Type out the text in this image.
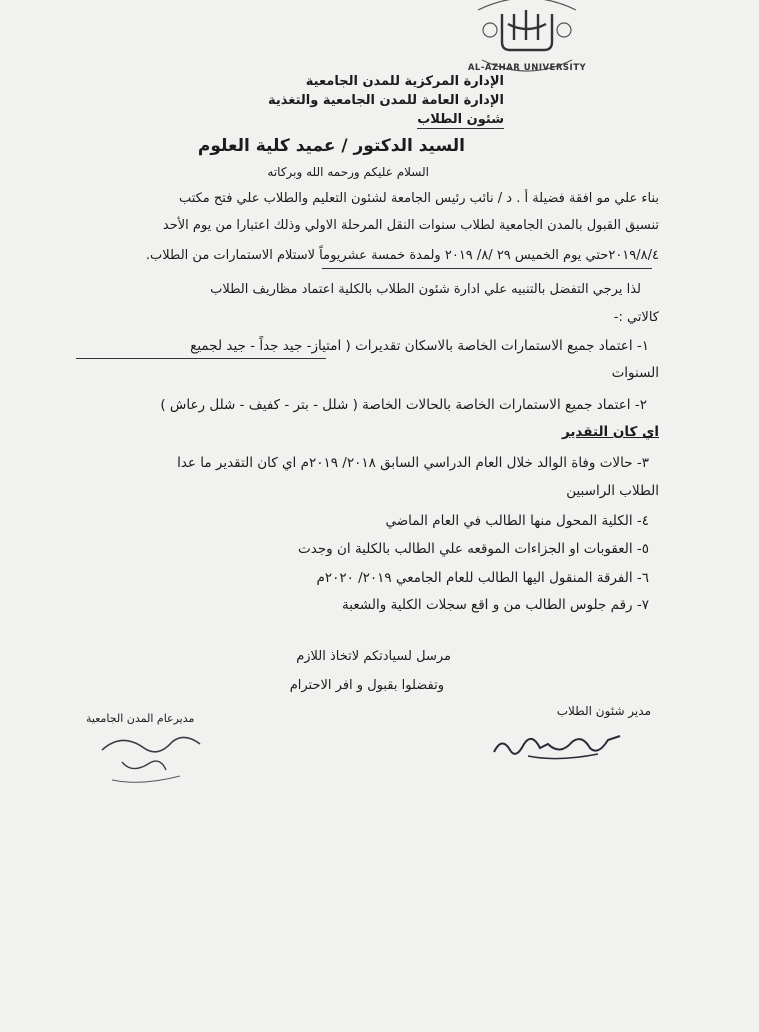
AL-AZHAR UNIVERSITY
الإدارة المركزية للمدن الجامعية
الإدارة العامة للمدن الجامعية والتغذية
شئون الطلاب
السيد الدكتور / عميد كلية العلوم
السلام عليكم ورحمه الله وبركاته
بناء علي مو افقة فضيلة أ . د / نائب رئيس الجامعة لشئون التعليم والطلاب علي فتح مكتب
تنسيق القبول بالمدن الجامعية لطلاب سنوات النقل المرحلة الاولي وذلك اعتبارا من يوم الأحد
٢٠١٩/٨/٤حتي يوم الخميس ٢٩ /٨/ ٢٠١٩ ولمدة خمسة عشريوماً لاستلام الاستمارات من الطلاب.
لذا يرجي التفضل بالتنبيه علي ادارة شئون الطلاب بالكلية اعتماد مظاريف الطلاب
كالاتي :-
١- اعتماد جميع الاستمارات الخاصة بالاسكان تقديرات ( امتياز- جيد جداً - جيد لجميع
السنوات
٢- اعتماد جميع الاستمارات الخاصة بالحالات الخاصة ( شلل - بتر - كفيف - شلل رعاش )
اي كان التقدير
٣- حالات وفاة الوالد خلال العام الدراسي السابق ٢٠١٨/ ٢٠١٩م اي كان التقدير ما عدا
الطلاب الراسبين
٤- الكلية المحول منها الطالب في العام الماضي
٥- العقوبات او الجزاءات الموقعه علي الطالب بالكلية ان وجدت
٦- الفرقة المنقول اليها الطالب للعام الجامعي ٢٠١٩/ ٢٠٢٠م
٧- رقم جلوس الطالب من و اقع سجلات الكلية والشعبة
مرسل لسيادتكم لاتخاذ اللازم
وتفضلوا بقبول و افر الاحترام
مدير شئون الطلاب
مديرعام المدن الجامعية
